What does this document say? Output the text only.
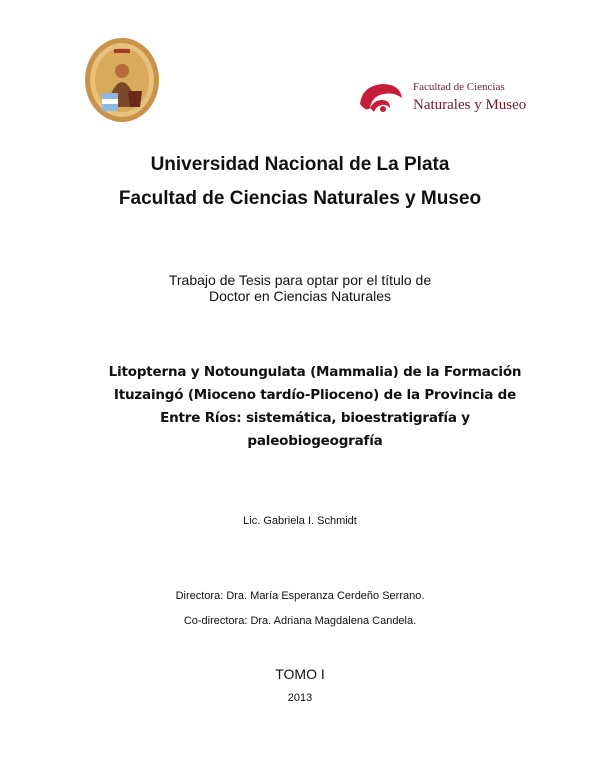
Facultad de Ciencias
Naturales y Museo
Universidad Nacional de La Plata
Facultad de Ciencias Naturales y Museo
Trabajo de Tesis para optar por el título de
Doctor en Ciencias Naturales
Litopterna y Notoungulata (Mammalia) de la Formación
Ituzaingó (Mioceno tardío-Plioceno) de la Provincia de
Entre Ríos: sistemática, bioestratigrafía y
paleobiogeografía
Lic. Gabriela I. Schmidt
Directora: Dra. María Esperanza Cerdeño Serrano.
Co-directora: Dra. Adriana Magdalena Candela.
TOMO I
2013
